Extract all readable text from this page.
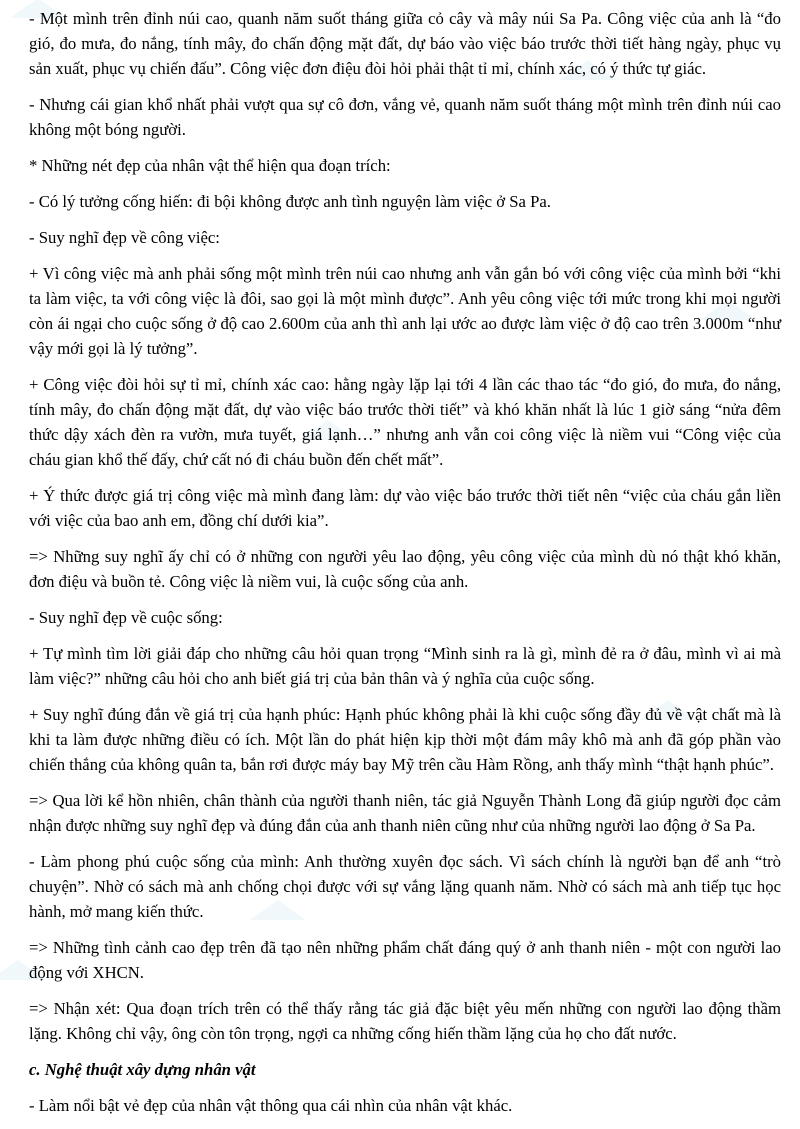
- Một mình trên đỉnh núi cao, quanh năm suốt tháng giữa cỏ cây và mây núi Sa Pa. Công việc của anh là “đo gió, đo mưa, đo nắng, tính mây, đo chấn động mặt đất, dự báo vào việc báo trước thời tiết hàng ngày, phục vụ sản xuất, phục vụ chiến đấu”. Công việc đơn điệu đòi hỏi phải thật tỉ mỉ, chính xác, có ý thức tự giác.

- Nhưng cái gian khổ nhất phải vượt qua sự cô đơn, vắng vẻ, quanh năm suốt tháng một mình trên đỉnh núi cao không một bóng người.

* Những nét đẹp của nhân vật thể hiện qua đoạn trích:

- Có lý tưởng cống hiến: đi bội không được anh tình nguyện làm việc ở Sa Pa.

- Suy nghĩ đẹp về công việc:

+ Vì công việc mà anh phải sống một mình trên núi cao nhưng anh vẫn gắn bó với công việc của mình bởi “khi ta làm việc, ta với công việc là đôi, sao gọi là một mình được”. Anh yêu công việc tới mức trong khi mọi người còn ái ngại cho cuộc sống ở độ cao 2.600m của anh thì anh lại ước ao được làm việc ở độ cao trên 3.000m “như vậy mới gọi là lý tưởng”.

+ Công việc đòi hỏi sự tỉ mỉ, chính xác cao: hằng ngày lặp lại tới 4 lần các thao tác “đo gió, đo mưa, đo nắng, tính mây, đo chấn động mặt đất, dự vào việc báo trước thời tiết” và khó khăn nhất là lúc 1 giờ sáng “nửa đêm thức dậy xách đèn ra vườn, mưa tuyết, giá lạnh…” nhưng anh vẫn coi công việc là niềm vui “Công việc của cháu gian khổ thế đấy, chứ cất nó đi cháu buồn đến chết mất”.

+ Ý thức được giá trị công việc mà mình đang làm: dự vào việc báo trước thời tiết nên “việc của cháu gắn liền với việc của bao anh em, đồng chí dưới kia”.

=> Những suy nghĩ ấy chỉ có ở những con người yêu lao động, yêu công việc của mình dù nó thật khó khăn, đơn điệu và buồn tẻ. Công việc là niềm vui, là cuộc sống của anh.

- Suy nghĩ đẹp về cuộc sống:

+ Tự mình tìm lời giải đáp cho những câu hỏi quan trọng “Mình sinh ra là gì, mình đẻ ra ở đâu, mình vì ai mà làm việc?” những câu hỏi cho anh biết giá trị của bản thân và ý nghĩa của cuộc sống.

+ Suy nghĩ đúng đắn về giá trị của hạnh phúc: Hạnh phúc không phải là khi cuộc sống đầy đủ về vật chất mà là khi ta làm được những điều có ích. Một lần do phát hiện kịp thời một đám mây khô mà anh đã góp phần vào chiến thắng của không quân ta, bắn rơi được máy bay Mỹ trên cầu Hàm Rồng, anh thấy mình “thật hạnh phúc”.

=> Qua lời kể hồn nhiên, chân thành của người thanh niên, tác giả Nguyễn Thành Long đã giúp người đọc cảm nhận được những suy nghĩ đẹp và đúng đắn của anh thanh niên cũng như của những người lao động ở Sa Pa.

- Làm phong phú cuộc sống của mình: Anh thường xuyên đọc sách. Vì sách chính là người bạn để anh “trò chuyện”. Nhờ có sách mà anh chống chọi được với sự vắng lặng quanh năm. Nhờ có sách mà anh tiếp tục học hành, mở mang kiến thức.

=> Những tình cảnh cao đẹp trên đã tạo nên những phẩm chất đáng quý ở anh thanh niên - một con người lao động với XHCN.

=> Nhận xét: Qua đoạn trích trên có thể thấy rằng tác giả đặc biệt yêu mến những con người lao động thầm lặng. Không chỉ vậy, ông còn tôn trọng, ngợi ca những cống hiến thầm lặng của họ cho đất nước.

c. Nghệ thuật xây dựng nhân vật

- Làm nổi bật vẻ đẹp của nhân vật thông qua cái nhìn của nhân vật khác.
